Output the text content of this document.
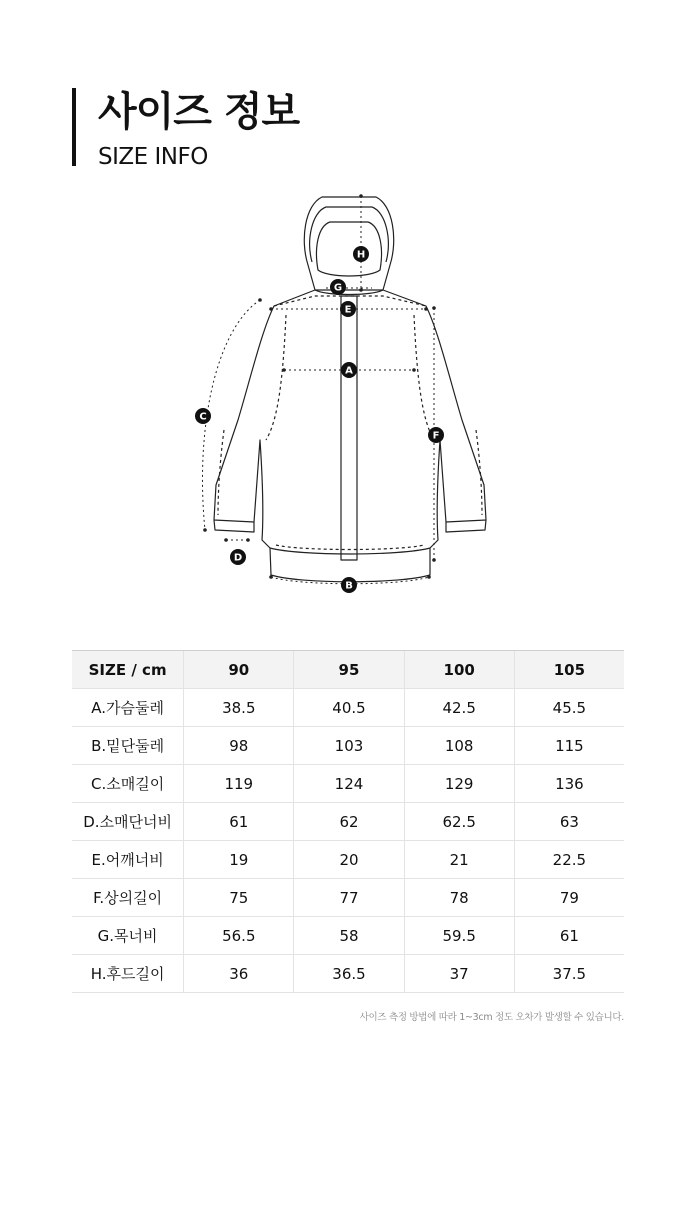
사이즈 정보
SIZE INFO
A
B
C
D
E
F
G
H
SIZE / cm	90	95	100	105
A.가슴둘레	38.5	40.5	42.5	45.5
B.밑단둘레	98	103	108	115
C.소매길이	119	124	129	136
D.소매단너비	61	62	62.5	63
E.어깨너비	19	20	21	22.5
F.상의길이	75	77	78	79
G.목너비	56.5	58	59.5	61
H.후드길이	36	36.5	37	37.5
사이즈 측정 방법에 따라 1~3cm 정도 오차가 발생할 수 있습니다.
